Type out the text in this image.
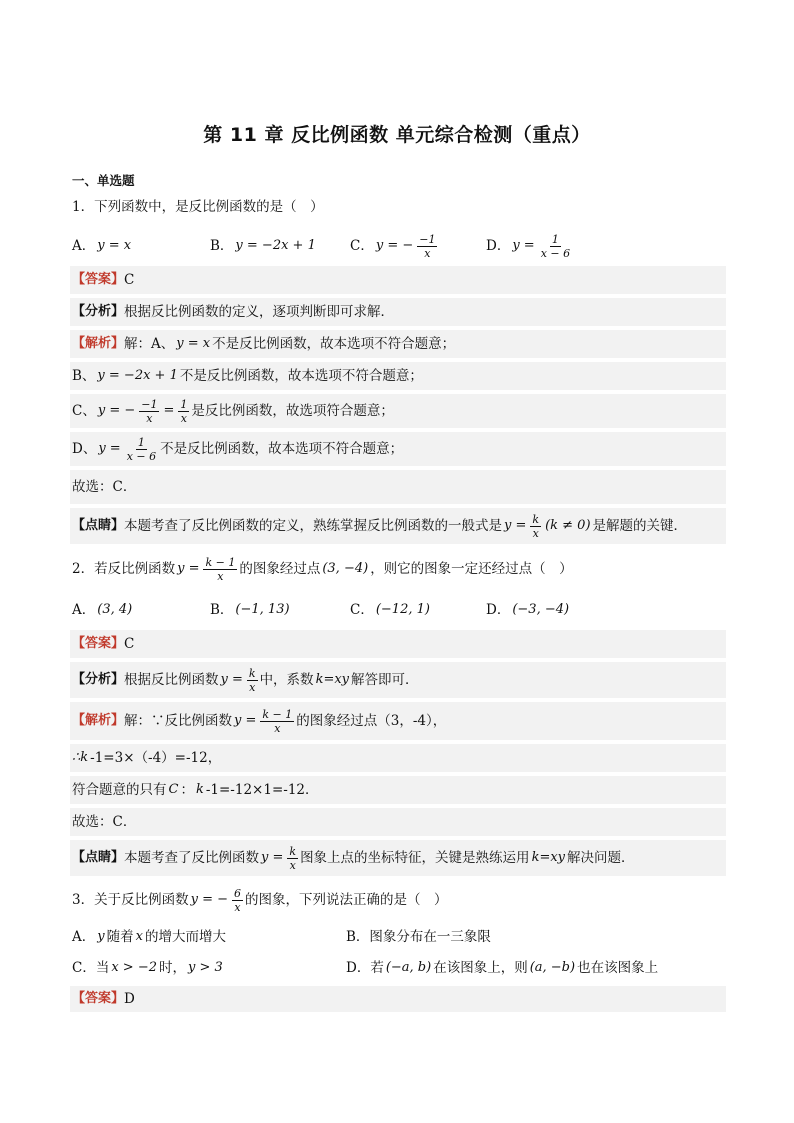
第 11 章 反比例函数 单元综合检测（重点）
一、单选题
1．下列函数中，是反比例函数的是（　）
A． y = x	B． y = −2x + 1	C． y = − $\frac{-1}{x}$	D． $y = \frac{1}{x - 6}$
【答案】 C
【分析】 根据反比例函数的定义，逐项判断即可求解．
【解析】 解：A、 y = x 不是反比例函数，故本选项不符合题意；
B、 y = −2x + 1 不是反比例函数，故本选项不符合题意；
C、 y = − $\frac{-1}{x} = \frac{1}{x}$ 是反比例函数，故选项符合题意；
D、 $y = \frac{1}{x - 6}$ 不是反比例函数，故本选项不符合题意；
故选：C．
【点睛】 本题考查了反比例函数的定义，熟练掌握反比例函数的一般式是 $y = \frac{k}{x} (k \ne 0)$ 是解题的关键．
2．若反比例函数 $y = \frac{k - 1}{x}$ 的图象经过点 (3, −4) ，则它的图象一定还经过点（　）
A． (3, 4)	B． (−1, 13)	C． (−12, 1)	D． (−3, −4)
【答案】 C
【分析】 根据反比例函数 $y = \frac{k}{x}$ 中，系数 k=xy 解答即可．
【解析】 解：∵反比例函数 $y = \frac{k - 1}{x}$ 的图象经过点（3，-4），
∴k -1=3×（-4）=-12，
符合题意的只有 C ： k -1=-12×1=-12．
故选：C．
【点睛】 本题考查了反比例函数 $y = \frac{k}{x}$ 图象上点的坐标特征，关键是熟练运用 k=xy 解决问题．
3．关于反比例函数 y = − $\frac{6}{x}$ 的图象，下列说法正确的是（　）
A． y 随着 x 的增大而增大	B．图象分布在一三象限
C．当 x > −2 时， y > 3	D．若 (−a, b) 在该图象上，则 (a, −b) 也在该图象上
【答案】 D
